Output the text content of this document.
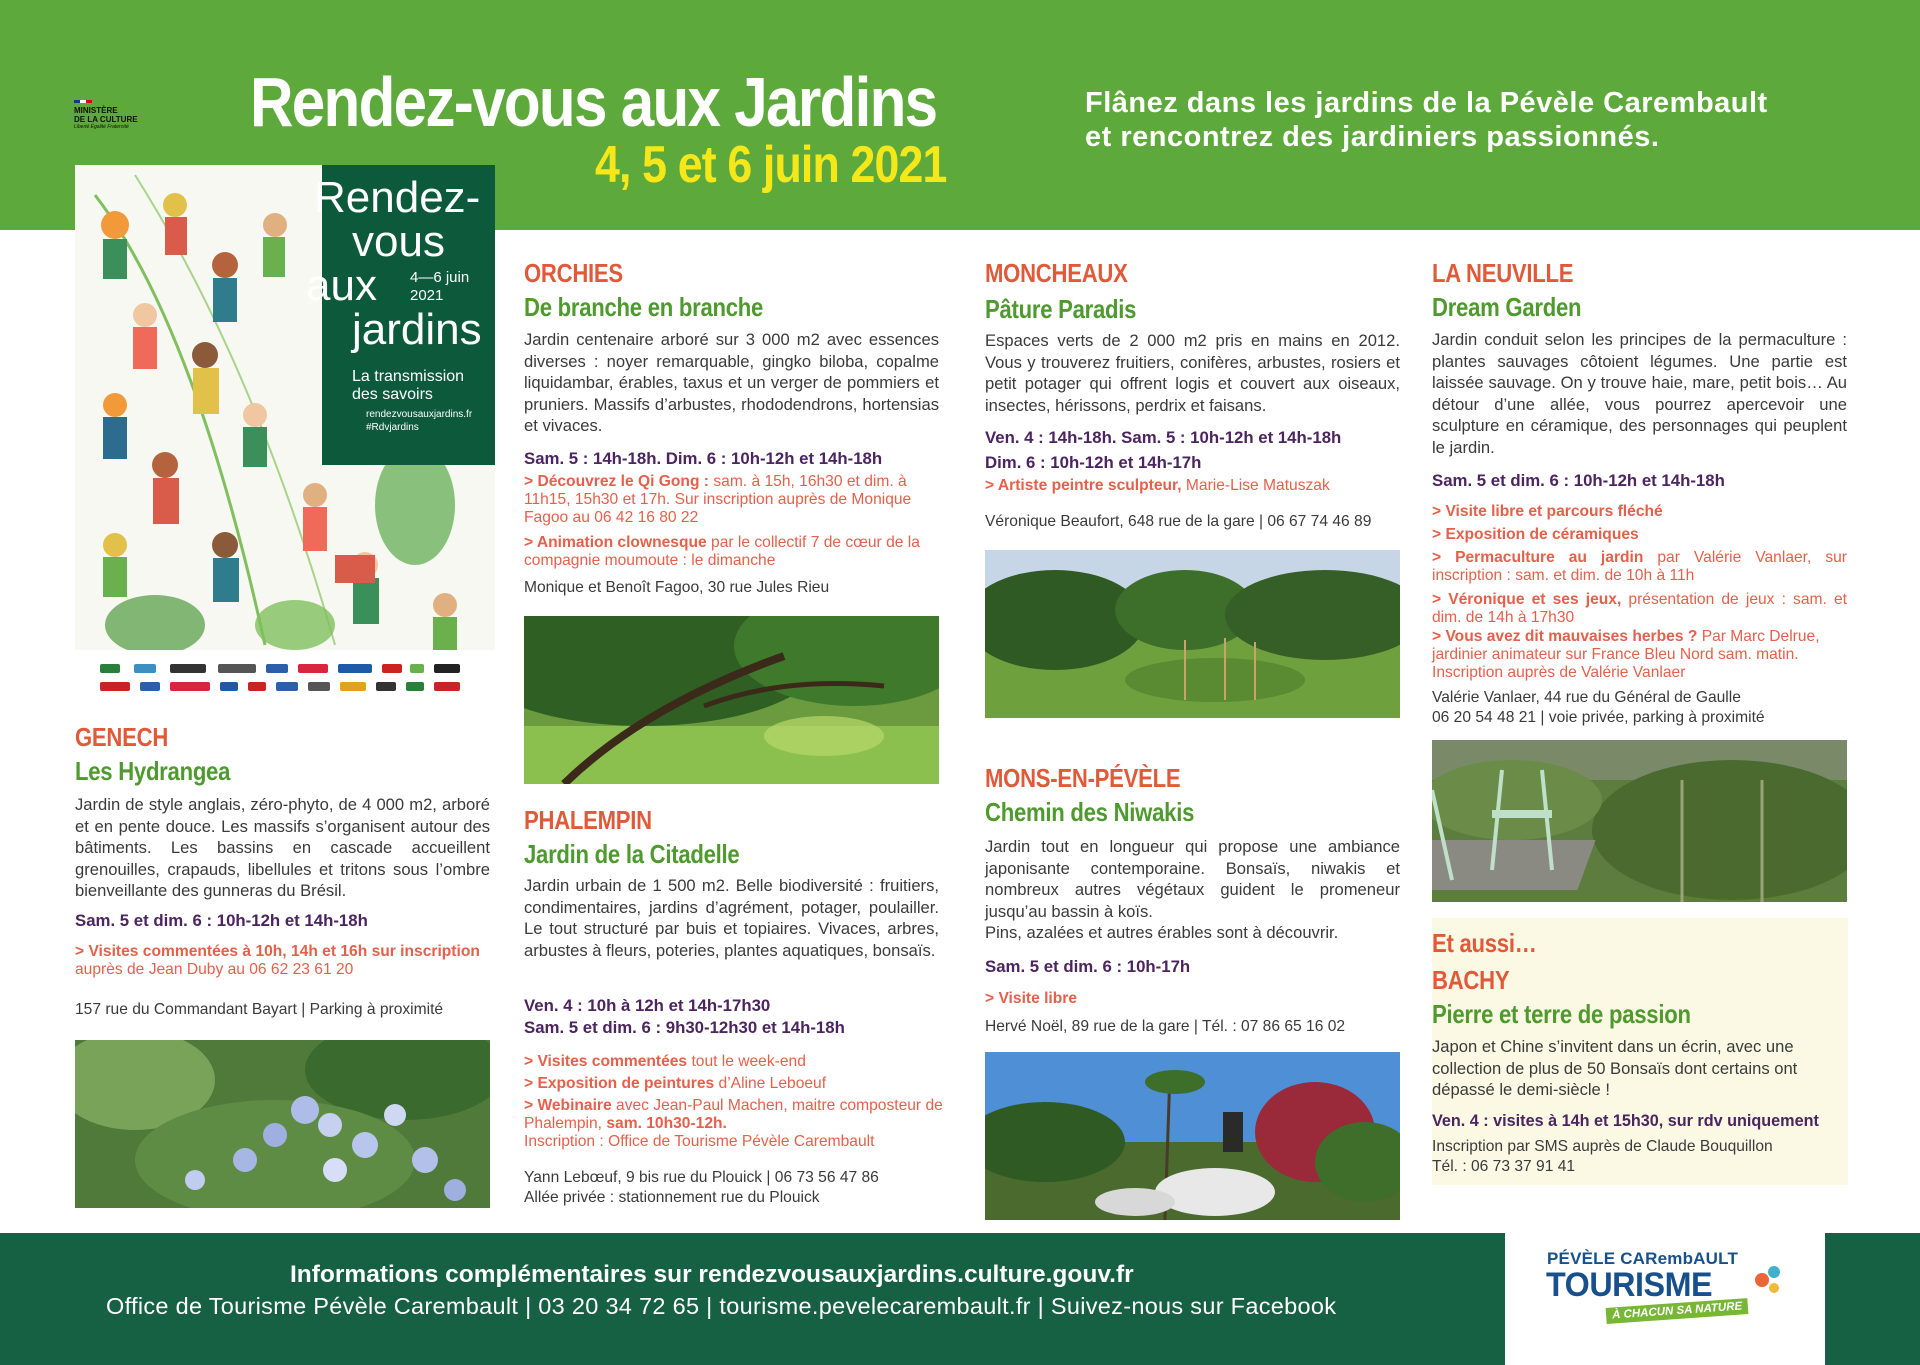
MINISTÈRE
DE LA CULTURE
Liberté Égalité Fraternité	Rendez-vous aux Jardins
4, 5 et 6 juin 2021
Flânez dans les jardins de la Pévèle Carembault
et rencontrez des jardiniers passionnés.
Rendez-
vous
aux 4—6 juin
2021
jardins
La transmission
des savoirs
rendezvousauxjardins.fr
#Rdvjardins
GENECH
Les Hydrangea
Jardin de style anglais, zéro-phyto, de 4 000 m2, arboré et en pente douce. Les massifs s’organisent autour des bâtiments. Les bassins en cascade accueillent grenouilles, crapauds, libellules et tritons sous l’ombre bienveillante des gunneras du Brésil.
Sam. 5 et dim. 6 : 10h-12h et 14h-18h
> Visites commentées à 10h, 14h et 16h sur inscription auprès de Jean Duby au 06 62 23 61 20
157 rue du Commandant Bayart | Parking à proximité
ORCHIES
De branche en branche
Jardin centenaire arboré sur 3 000 m2 avec essences diverses : noyer remarquable, gingko biloba, copalme liquidambar, érables, taxus et un verger de pommiers et pruniers. Massifs d’arbustes, rhododendrons, hortensias et vivaces.
Sam. 5 : 14h-18h. Dim. 6 : 10h-12h et 14h-18h
> Découvrez le Qi Gong : sam. à 15h, 16h30 et dim. à 11h15, 15h30 et 17h. Sur inscription auprès de Monique Fagoo au 06 42 16 80 22
> Animation clownesque par le collectif 7 de cœur de la compagnie moumoute : le dimanche
Monique et Benoît Fagoo, 30 rue Jules Rieu
PHALEMPIN
Jardin de la Citadelle
Jardin urbain de 1 500 m2. Belle biodiversité : fruitiers, condimentaires, jardins d’agrément, potager, poulailler. Le tout structuré par buis et topiaires. Vivaces, arbres, arbustes à fleurs, poteries, plantes aquatiques, bonsaïs.
Ven. 4 : 10h à 12h et 14h-17h30
Sam. 5 et dim. 6 : 9h30-12h30 et 14h-18h
> Visites commentées tout le week-end
> Exposition de peintures d’Aline Leboeuf
> Webinaire avec Jean-Paul Machen, maitre composteur de Phalempin, sam. 10h30-12h.
Inscription : Office de Tourisme Pévèle Carembault
Yann Lebœuf, 9 bis rue du Plouick | 06 73 56 47 86
Allée privée : stationnement rue du Plouick
MONCHEAUX
Pâture Paradis
Espaces verts de 2 000 m2 pris en mains en 2012. Vous y trouverez fruitiers, conifères, arbustes, rosiers et petit potager qui offrent logis et couvert aux oiseaux, insectes, hérissons, perdrix et faisans.
Ven. 4 : 14h-18h. Sam. 5 : 10h-12h et 14h-18h
Dim. 6 : 10h-12h et 14h-17h
> Artiste peintre sculpteur, Marie-Lise Matuszak
Véronique Beaufort, 648 rue de la gare | 06 67 74 46 89
MONS-EN-PÉVÈLE
Chemin des Niwakis
Jardin tout en longueur qui propose une ambiance japonisante contemporaine. Bonsaïs, niwakis et nombreux autres végétaux guident le promeneur jusqu’au bassin à koïs.
Pins, azalées et autres érables sont à découvrir.
Sam. 5 et dim. 6 : 10h-17h
> Visite libre
Hervé Noël, 89 rue de la gare | Tél. : 07 86 65 16 02
LA NEUVILLE
Dream Garden
Jardin conduit selon les principes de la permaculture : plantes sauvages côtoient légumes. Une partie est laissée sauvage. On y trouve haie, mare, petit bois… Au détour d’une allée, vous pourrez apercevoir une sculpture en céramique, des personnages qui peuplent le jardin.
Sam. 5 et dim. 6 : 10h-12h et 14h-18h
> Visite libre et parcours fléché
> Exposition de céramiques
> Permaculture au jardin par Valérie Vanlaer, sur inscription : sam. et dim. de 10h à 11h
> Véronique et ses jeux, présentation de jeux : sam. et dim. de 14h à 17h30
> Vous avez dit mauvaises herbes ? Par Marc Delrue, jardinier animateur sur France Bleu Nord sam. matin. Inscription auprès de Valérie Vanlaer
Valérie Vanlaer, 44 rue du Général de Gaulle
06 20 54 48 21 | voie privée, parking à proximité
Et aussi…
BACHY
Pierre et terre de passion
Japon et Chine s’invitent dans un écrin, avec une collection de plus de 50 Bonsaïs dont certains ont dépassé le demi-siècle !
Ven. 4 : visites à 14h et 15h30, sur rdv uniquement
Inscription par SMS auprès de Claude Bouquillon
Tél. : 06 73 37 91 41
Informations complémentaires sur rendezvousauxjardins.culture.gouv.fr
Office de Tourisme Pévèle Carembault | 03 20 34 72 65 | tourisme.pevelecarembault.fr | Suivez-nous sur Facebook
PÉVÈLE CARembAULT
TOURISME
À CHACUN SA NATURE
